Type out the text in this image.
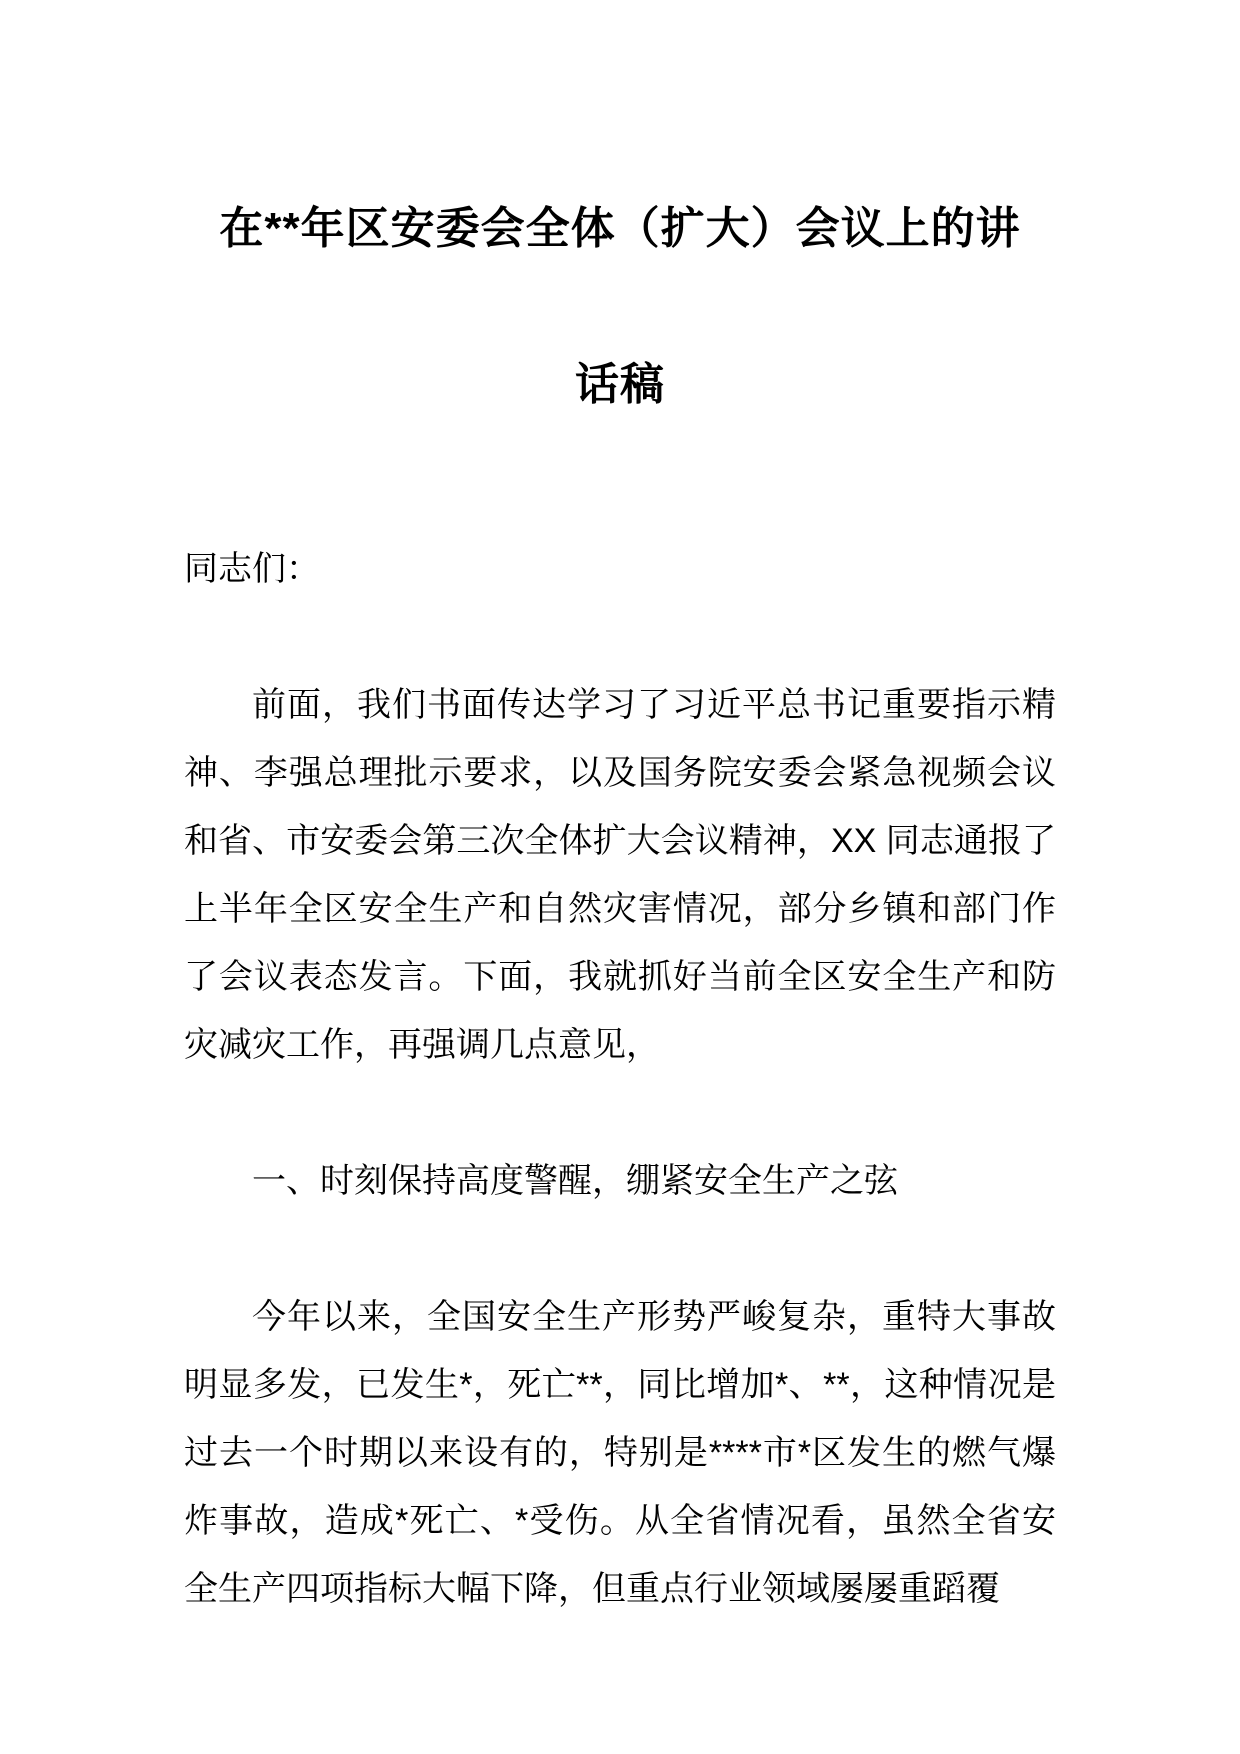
在**年区安委会全体（扩大）会议上的讲
话稿

同志们：

前面，我们书面传达学习了习近平总书记重要指示精神、李强总理批示要求，以及国务院安委会紧急视频会议和省、市安委会第三次全体扩大会议精神，XX 同志通报了上半年全区安全生产和自然灾害情况，部分乡镇和部门作了会议表态发言。下面，我就抓好当前全区安全生产和防灾减灾工作，再强调几点意见，

一、时刻保持高度警醒，绷紧安全生产之弦

今年以来，全国安全生产形势严峻复杂，重特大事故明显多发，已发生*，死亡**，同比增加*、**，这种情况是过去一个时期以来设有的，特别是****市*区发生的燃气爆炸事故，造成*死亡、*受伤。从全省情况看，虽然全省安全生产四项指标大幅下降，但重点行业领域屡屡重蹈覆
